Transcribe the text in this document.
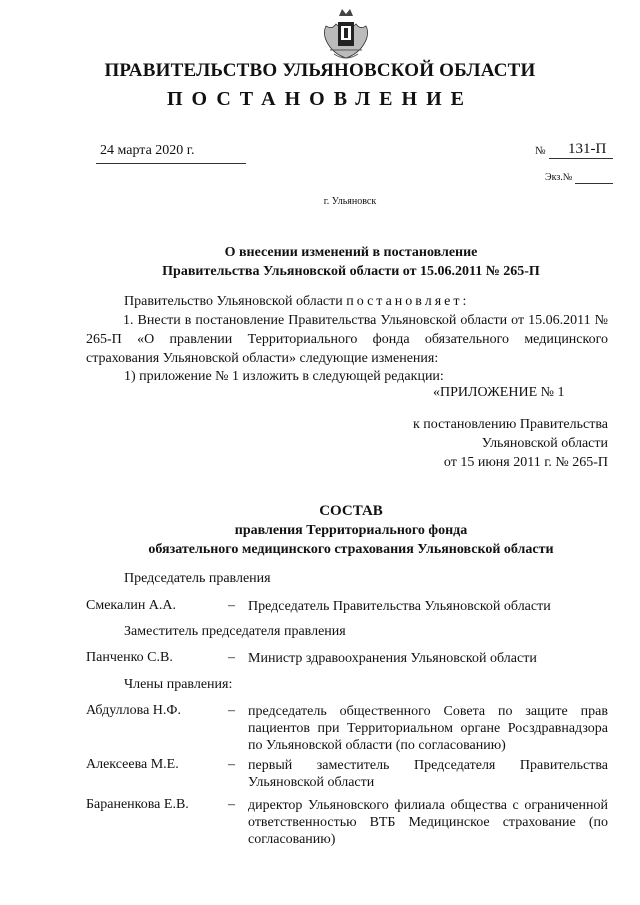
ПРАВИТЕЛЬСТВО УЛЬЯНОВСКОЙ ОБЛАСТИ
ПОСТАНОВЛЕНИЕ
24 марта 2020 г.	№ 131-П
Экз.№
г. Ульяновск
О внесении изменений в постановление
Правительства Ульяновской области от 15.06.2011 № 265-П
Правительство Ульяновской области постановляет:
1. Внести в постановление Правительства Ульяновской области от 15.06.2011 № 265-П «О правлении Территориального фонда обязательного медицинского страхования Ульяновской области» следующие изменения:
1) приложение № 1 изложить в следующей редакции:
«ПРИЛОЖЕНИЕ № 1
к постановлению Правительства
Ульяновской области
от 15 июня 2011 г. № 265-П
СОСТАВ
правления Территориального фонда
обязательного медицинского страхования Ульяновской области
Председатель правления
Смекалин А.А.	– Председатель Правительства Ульяновской области
Заместитель председателя правления
Панченко С.В.	– Министр здравоохранения Ульяновской области
Члены правления:
Абдуллова Н.Ф.	– председатель общественного Совета по защите прав пациентов при Территориальном органе Росздравнадзора по Ульяновской области (по согласованию)
Алексеева М.Е.	– первый заместитель Председателя Правительства Ульяновской области
Бараненкова Е.В.	– директор Ульяновского филиала общества с ограниченной ответственностью ВТБ Медицинское страхование (по согласованию)
